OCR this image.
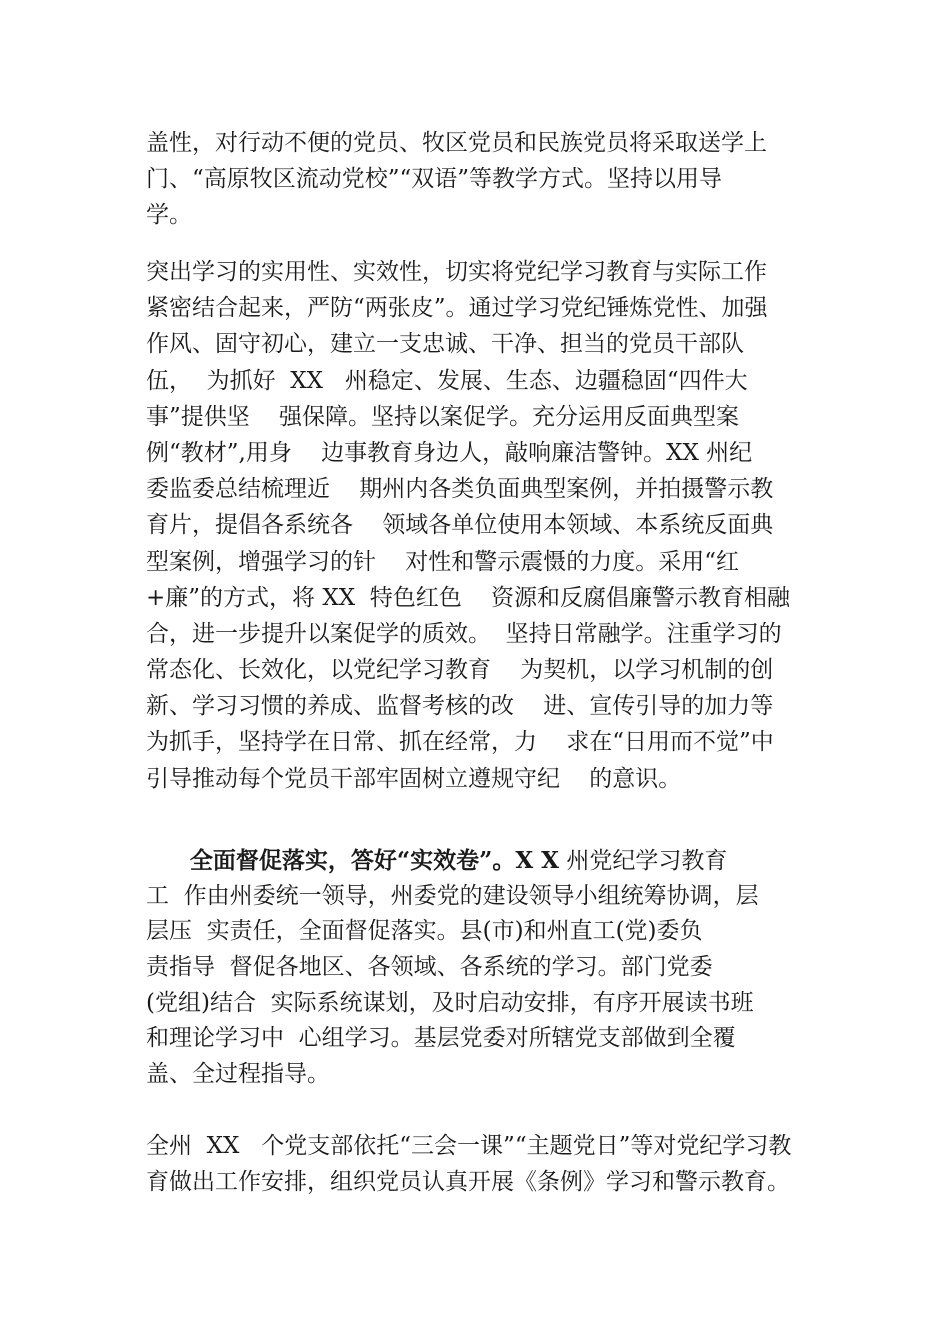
盖性，对行动不便的党员、牧区党员和民族党员将采取送学上
门、“高原牧区流动党校”“双语”等教学方式。坚持以用导
学。

突出学习的实用性、实效性，切实将党纪学习教育与实际工作
紧密结合起来，严防“两张皮”。通过学习党纪锤炼党性、加强
作风、固守初心，建立一支忠诚、干净、担当的党员干部队
伍，  为抓好  XX   州稳定、发展、生态、边疆稳固“四件大
事”提供坚    强保障。坚持以案促学。充分运用反面典型案
例“教材”,用身    边事教育身边人，敲响廉洁警钟。XX 州纪
委监委总结梳理近    期州内各类负面典型案例，并拍摄警示教
育片，提倡各系统各    领域各单位使用本领域、本系统反面典
型案例，增强学习的针    对性和警示震慑的力度。采用“红
+廉”的方式，将 XX  特色红色    资源和反腐倡廉警示教育相融
合，进一步提升以案促学的质效。  坚持日常融学。注重学习的
常态化、长效化，以党纪学习教育    为契机，以学习机制的创
新、学习习惯的养成、监督考核的改    进、宣传引导的加力等
为抓手，坚持学在日常、抓在经常，力    求在“日用而不觉”中
引导推动每个党员干部牢固树立遵规守纪    的意识。

全面督促落实，答好“实效卷”。X X 州党纪学习教育
工  作由州委统一领导，州委党的建设领导小组统筹协调，层
层压  实责任，全面督促落实。县(市)和州直工(党)委负
责指导  督促各地区、各领域、各系统的学习。部门党委
(党组)结合  实际系统谋划，及时启动安排，有序开展读书班
和理论学习中  心组学习。基层党委对所辖党支部做到全覆
盖、全过程指导。

全州  XX   个党支部依托“三会一课”“主题党日”等对党纪学习教
育做出工作安排，组织党员认真开展《条例》学习和警示教育。
